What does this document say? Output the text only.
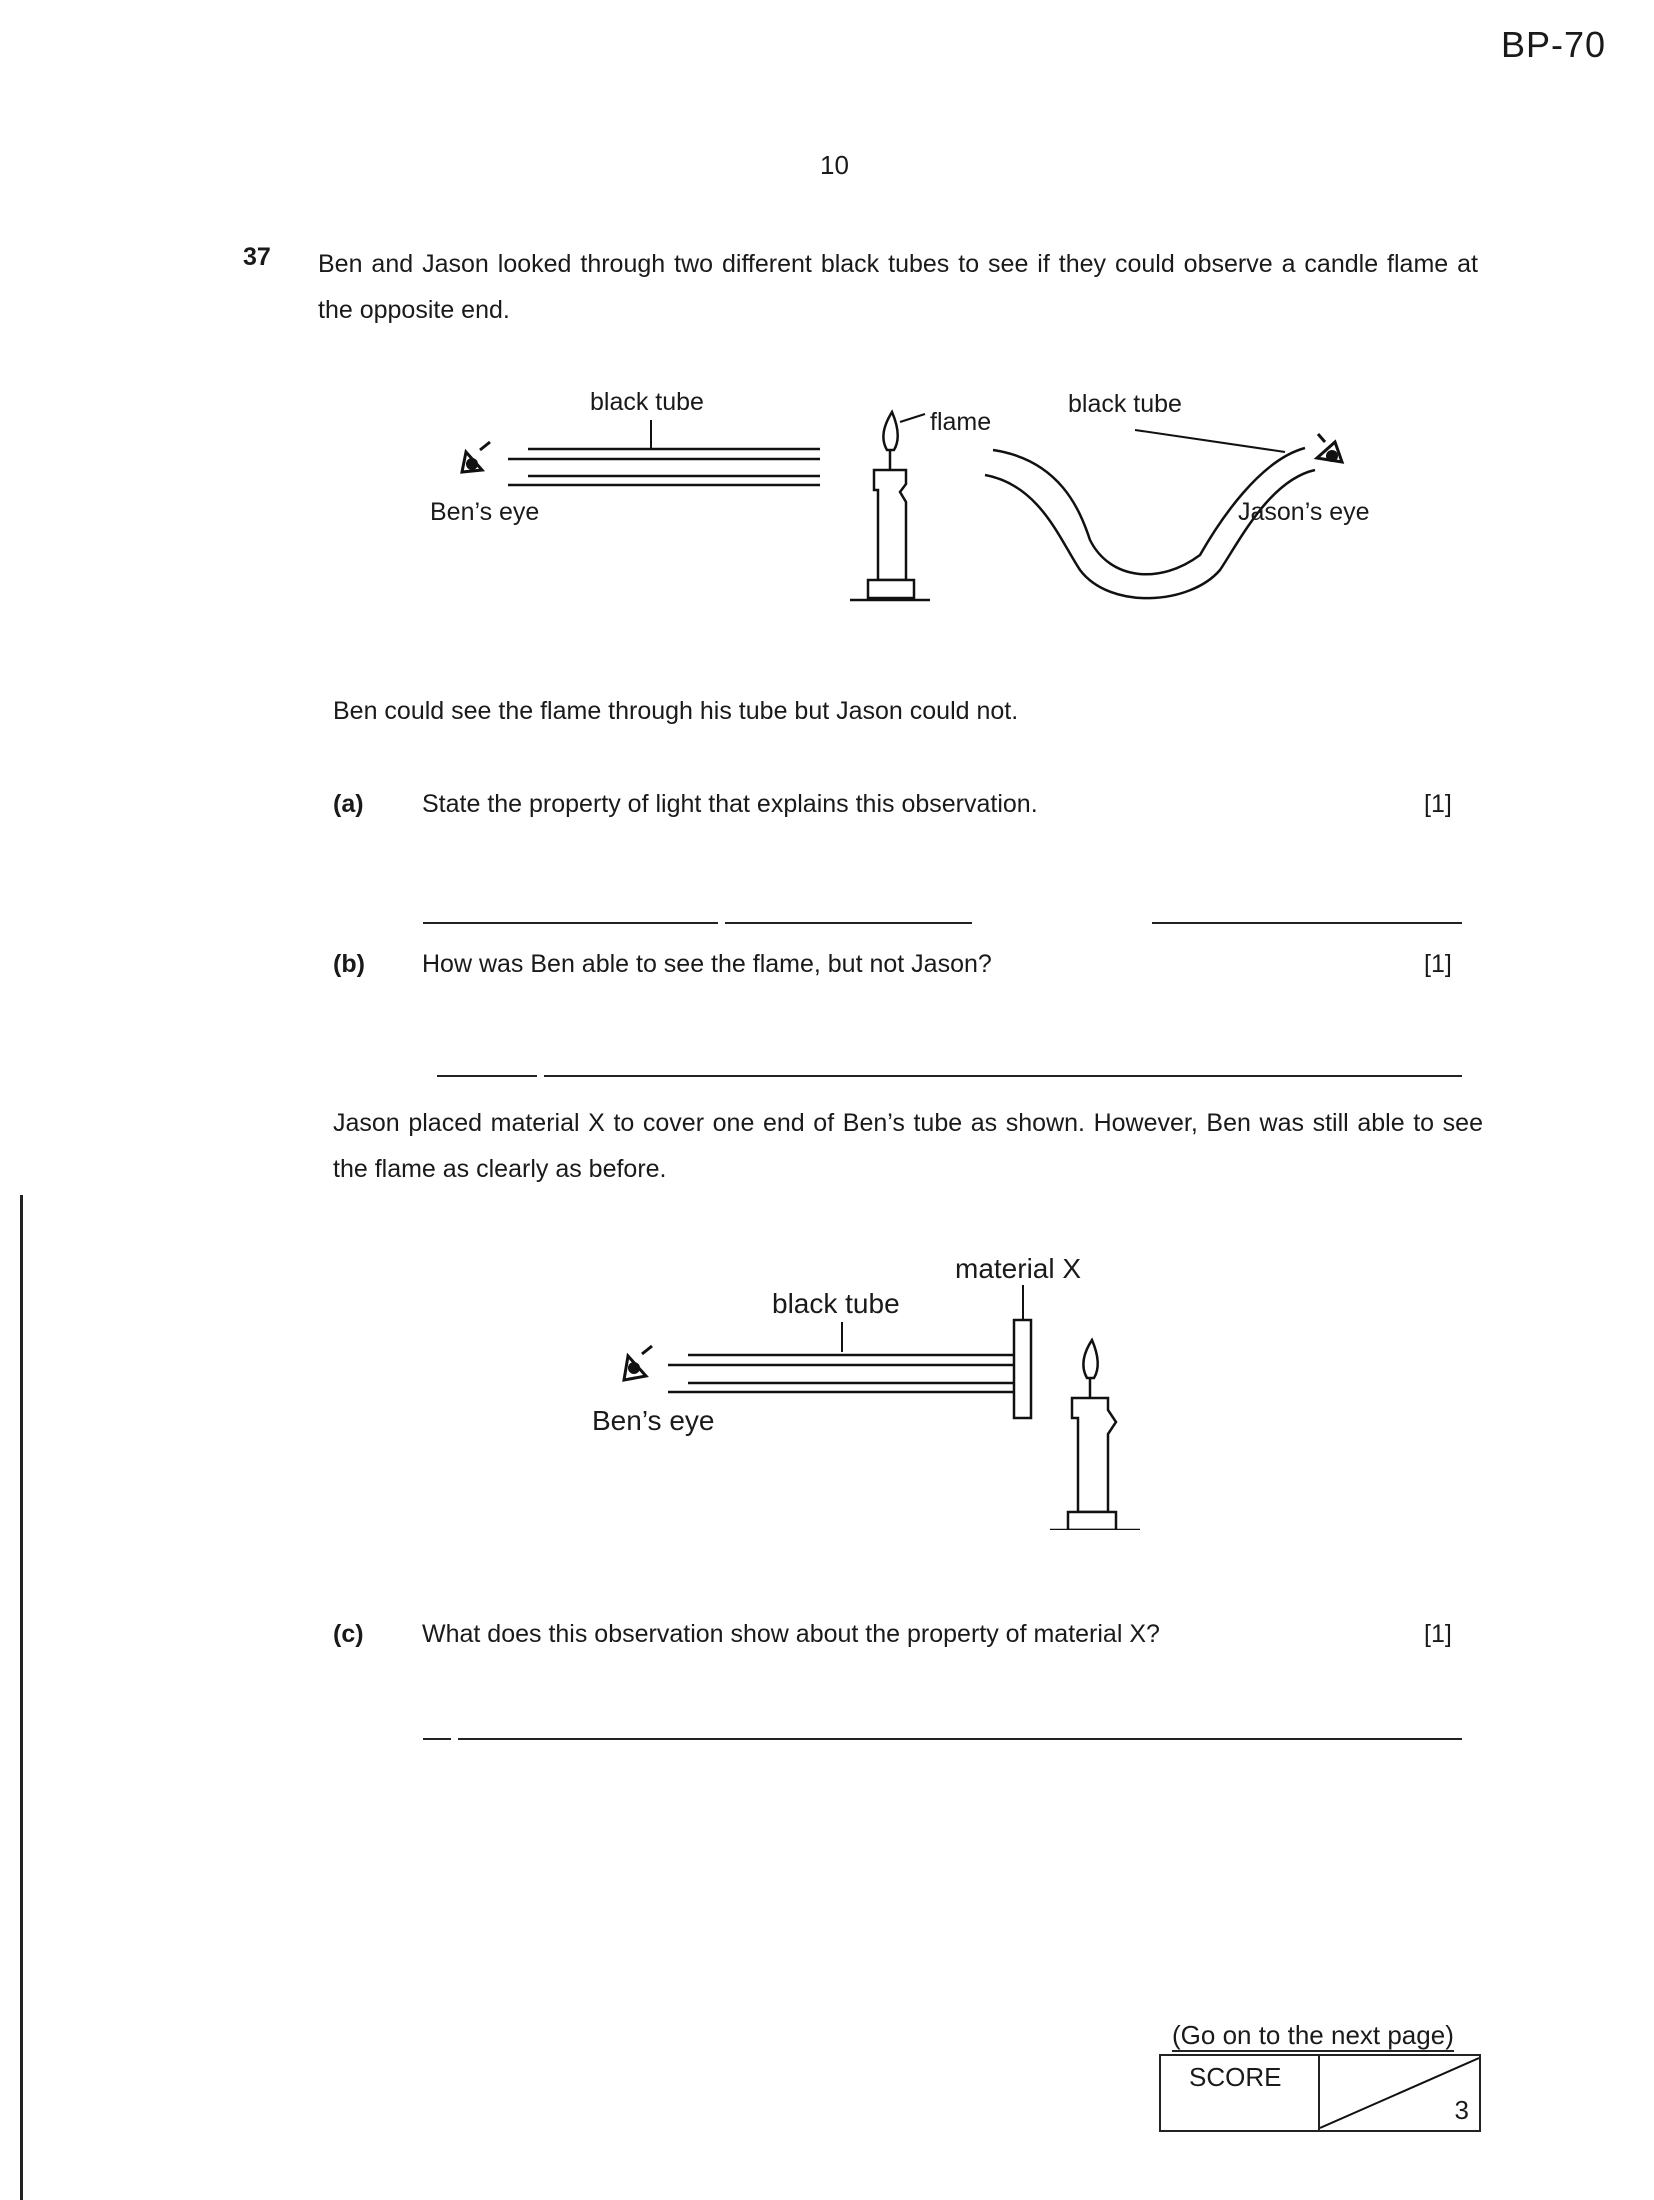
BP-70
10
37 Ben and Jason looked through two different black tubes to see if they could observe a candle flame at the opposite end.
black tube
Ben’s eye
flame
black tube
Jason’s eye
Ben could see the flame through his tube but Jason could not.
(a) State the property of light that explains this observation.	[1]
(b) How was Ben able to see the flame, but not Jason?	[1]
Jason placed material X to cover one end of Ben’s tube as shown. However, Ben was still able to see the flame as clearly as before.
material X
black tube
Ben’s eye
(c) What does this observation show about the property of material X?	[1]
(Go on to the next page)
SCORE
3
